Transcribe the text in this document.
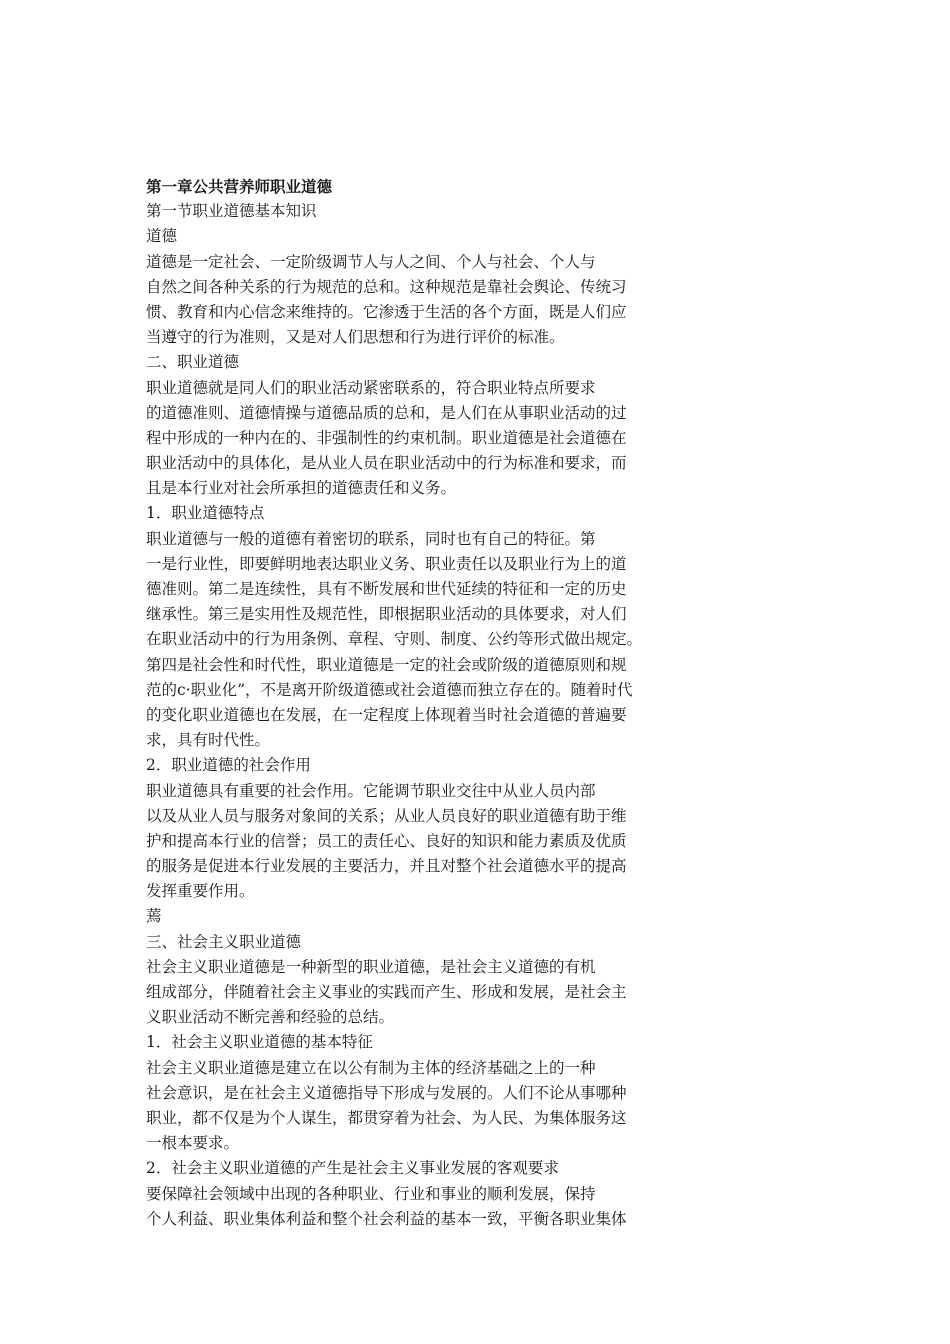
第一章公共营养师职业道德
第一节职业道德基本知识
道德
道德是一定社会、一定阶级调节人与人之间、个人与社会、个人与
自然之间各种关系的行为规范的总和。这种规范是靠社会舆论、传统习
惯、教育和内心信念来维持的。它渗透于生活的各个方面，既是人们应
当遵守的行为准则，又是对人们思想和行为进行评价的标准。
二、职业道德
职业道德就是同人们的职业活动紧密联系的，符合职业特点所要求
的道德准则、道德情操与道德品质的总和，是人们在从事职业活动的过
程中形成的一种内在的、非强制性的约束机制。职业道德是社会道德在
职业活动中的具体化，是从业人员在职业活动中的行为标准和要求，而
且是本行业对社会所承担的道德责任和义务。
1．职业道德特点
职业道德与一般的道德有着密切的联系，同时也有自己的特征。第
一是行业性，即要鲜明地表达职业义务、职业责任以及职业行为上的道
德准则。第二是连续性，具有不断发展和世代延续的特征和一定的历史
继承性。第三是实用性及规范性，即根据职业活动的具体要求，对人们
在职业活动中的行为用条例、章程、守则、制度、公约等形式做出规定。
第四是社会性和时代性，职业道德是一定的社会或阶级的道德原则和规
范的c·职业化”，不是离开阶级道德或社会道德而独立存在的。随着时代
的变化职业道德也在发展，在一定程度上体现着当时社会道德的普遍要
求，具有时代性。
2．职业道德的社会作用
职业道德具有重要的社会作用。它能调节职业交往中从业人员内部
以及从业人员与服务对象间的关系；从业人员良好的职业道德有助于维
护和提高本行业的信誉；员工的责任心、良好的知识和能力素质及优质
的服务是促进本行业发展的主要活力，并且对整个社会道德水平的提高
发挥重要作用。
蔫
三、社会主义职业道德
社会主义职业道德是一种新型的职业道德，是社会主义道德的有机
组成部分，伴随着社会主义事业的实践而产生、形成和发展，是社会主
义职业活动不断完善和经验的总结。
1．社会主义职业道德的基本特征
社会主义职业道德是建立在以公有制为主体的经济基础之上的一种
社会意识，是在社会主义道德指导下形成与发展的。人们不论从事哪种
职业，都不仅是为个人谋生，都贯穿着为社会、为人民、为集体服务这
一根本要求。
2．社会主义职业道德的产生是社会主义事业发展的客观要求
要保障社会领域中出现的各种职业、行业和事业的顺利发展，保持
个人利益、职业集体利益和整个社会利益的基本一致，平衡各职业集体
